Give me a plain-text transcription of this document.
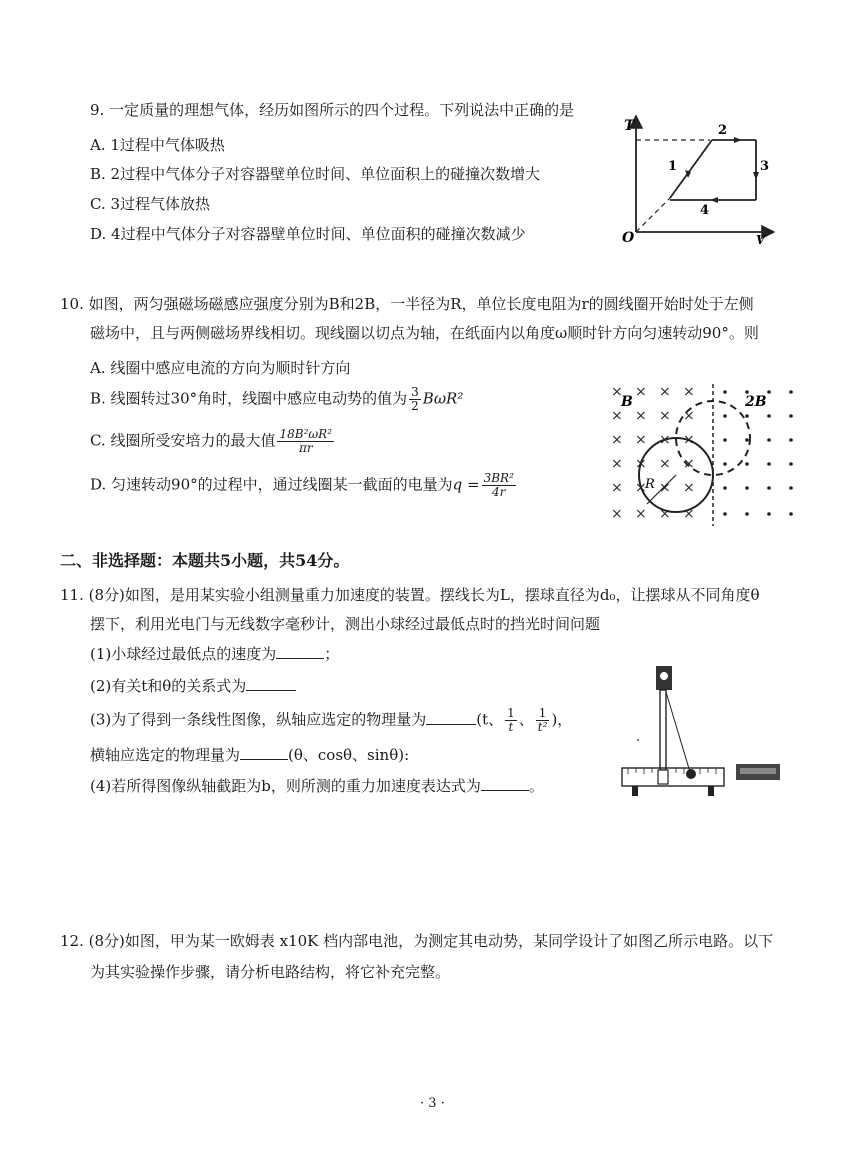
9. 一定质量的理想气体，经历如图所示的四个过程。下列说法中正确的是
A. 1过程中气体吸热
B. 2过程中气体分子对容器壁单位时间、单位面积上的碰撞次数增大
C. 3过程气体放热
D. 4过程中气体分子对容器壁单位时间、单位面积的碰撞次数减少
T
O	V
1
2
3
4
10. 如图，两匀强磁场磁感应强度分别为B和2B，一半径为R，单位长度电阻为r的圆线圈开始时处于左侧
磁场中，且与两侧磁场界线相切。现线圈以切点为轴，在纸面内以角度ω顺时针方向匀速转动90°。则
A. 线圈中感应电流的方向为顺时针方向
B. 线圈转过30°角时，线圈中感应电动势的值为 $\frac{3}{2} B\omega R^2$
C. 线圈所受安培力的最大值 $\frac{\text{18B²ωR²}}{\pi r}$
D. 匀速转动90°的过程中，通过线圈某一截面的电量为$q = \frac{\text{3BR²}}{4r}$
× × × ×
× × × ×
× × × ×
× × × ×
× × × ×
× × × ×
R
B	2B
二、非选择题：本题共5小题，共54分。
11. (8分)如图，是用某实验小组测量重力加速度的装置。摆线长为L，摆球直径为d₀，让摆球从不同角度θ
摆下，利用光电门与无线数字毫秒计，测出小球经过最低点时的挡光时间问题
(1)小球经过最低点的速度为	；
(2)有关t和θ的关系式为
(3)为了得到一条线性图像，纵轴应选定的物理量为	(t、 $\frac{1}{t}$ 、 $\frac{1}{\text{t²}}$ )，
横轴应选定的物理量为	(θ、cosθ、sinθ):
(4)若所得图像纵轴截距为b，则所测的重力加速度表达式为	。
12. (8分)如图，甲为某一欧姆表 x10K 档内部电池，为测定其电动势，某同学设计了如图乙所示电路。以下
为其实验操作步骤，请分析电路结构，将它补充完整。
· 3 ·
